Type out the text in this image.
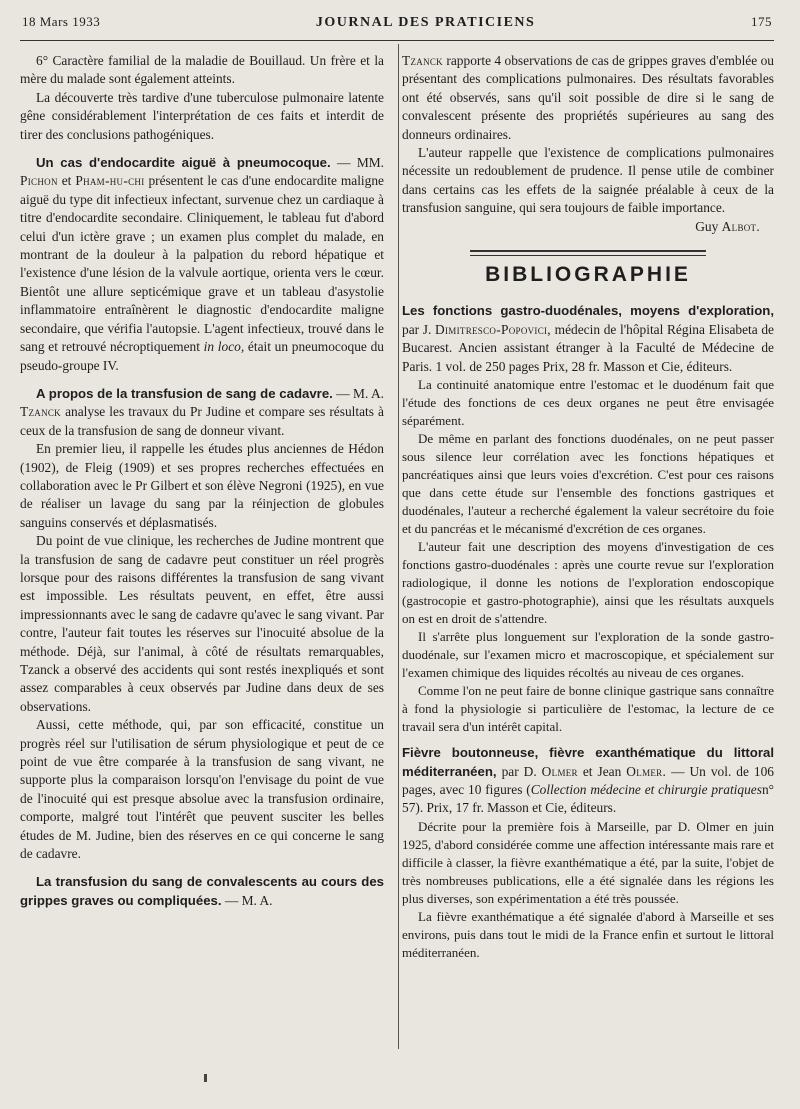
18 Mars 1933	JOURNAL DES PRATICIENS	175

6° Caractère familial de la maladie de Bouillaud. Un frère et la mère du malade sont également atteints.

La découverte très tardive d'une tuberculose pulmonaire latente gêne considérablement l'interprétation de ces faits et interdit de tirer des conclusions pathogéniques.

Un cas d'endocardite aiguë à pneumocoque. — MM. Pichon et Pham-hu-chi présentent le cas d'une endocardite maligne aiguë du type dit infectieux infectant, survenue chez un cardiaque à titre d'endocardite secondaire. Cliniquement, le tableau fut d'abord celui d'un ictère grave ; un examen plus complet du malade, en montrant de la douleur à la palpation du rebord hépatique et l'existence d'une lésion de la valvule aortique, orienta vers le cœur. Bientôt une allure septicémique grave et un tableau d'asystolie inflammatoire entraînèrent le diagnostic d'endocardite maligne secondaire, que vérifia l'autopsie. L'agent infectieux, trouvé dans le sang et retrouvé nécroptiquement in loco, était un pneumocoque du pseudo-groupe IV.

A propos de la transfusion de sang de cadavre. — M. A. Tzanck analyse les travaux du Pr Judine et compare ses résultats à ceux de la transfusion de sang de donneur vivant.

En premier lieu, il rappelle les études plus anciennes de Hédon (1902), de Fleig (1909) et ses propres recherches effectuées en collaboration avec le Pr Gilbert et son élève Negroni (1925), en vue de réaliser un lavage du sang par la réinjection de globules sanguins conservés et déplasmatisés.

Du point de vue clinique, les recherches de Judine montrent que la transfusion de sang de cadavre peut constituer un réel progrès lorsque pour des raisons différentes la transfusion de sang vivant est impossible. Les résultats peuvent, en effet, être aussi impressionnants avec le sang de cadavre qu'avec le sang vivant. Par contre, l'auteur fait toutes les réserves sur l'inocuité absolue de la méthode. Déjà, sur l'animal, à côté de résultats remarquables, Tzanck a observé des accidents qui sont restés inexpliqués et sont assez comparables à ceux observés par Judine dans deux de ses observations.

Aussi, cette méthode, qui, par son efficacité, constitue un progrès réel sur l'utilisation de sérum physiologique et peut de ce point de vue être comparée à la transfusion de sang vivant, ne supporte plus la comparaison lorsqu'on l'envisage du point de vue de l'inocuité qui est presque absolue avec la transfusion ordinaire, comporte, malgré tout l'intérêt que peuvent susciter les belles études de M. Judine, bien des réserves en ce qui concerne le sang de cadavre.

La transfusion du sang de convalescents au cours des grippes graves ou compliquées. — M. A.

Tzanck rapporte 4 observations de cas de grippes graves d'emblée ou présentant des complications pulmonaires. Des résultats favorables ont été observés, sans qu'il soit possible de dire si le sang de convalescent présente des propriétés supérieures au sang des donneurs ordinaires.

L'auteur rappelle que l'existence de complications pulmonaires nécessite un redoublement de prudence. Il pense utile de combiner dans certains cas les effets de la saignée préalable à ceux de la transfusion sanguine, qui sera toujours de faible importance.

Guy Albot.

BIBLIOGRAPHIE

Les fonctions gastro-duodénales, moyens d'exploration, par J. Dimitresco-Popovici, médecin de l'hôpital Régina Elisabeta de Bucarest. Ancien assistant étranger à la Faculté de Médecine de Paris. 1 vol. de 250 pages Prix, 28 fr. Masson et Cie, éditeurs.

La continuité anatomique entre l'estomac et le duodénum fait que l'étude des fonctions de ces deux organes ne peut être envisagée séparément.

De même en parlant des fonctions duodénales, on ne peut passer sous silence leur corrélation avec les fonctions hépatiques et pancréatiques ainsi que leurs voies d'excrétion. C'est pour ces raisons que dans cette étude sur l'ensemble des fonctions gastriques et duodénales, l'auteur a recherché également la valeur secrétoire du foie et du pancréas et le mécanismé d'excrétion de ces organes.

L'auteur fait une description des moyens d'investigation de ces fonctions gastro-duodénales : après une courte revue sur l'exploration radiologique, il donne les notions de l'exploration endoscopique (gastrocopie et gastro-photographie), ainsi que les résultats auxquels on est en droit de s'attendre.

Il s'arrête plus longuement sur l'exploration de la sonde gastro-duodénale, sur l'examen micro et macroscopique, et spécialement sur l'examen chimique des liquides récoltés au niveau de ces organes.

Comme l'on ne peut faire de bonne clinique gastrique sans connaître à fond la physiologie si particulière de l'estomac, la lecture de ce travail sera d'un intérêt capital.

Fièvre boutonneuse, fièvre exanthématique du littoral méditerranéen, par D. Olmer et Jean Olmer. — Un vol. de 106 pages, avec 10 figures (Collection médecine et chirurgie pratiquesn° 57). Prix, 17 fr. Masson et Cie, éditeurs.

Décrite pour la première fois à Marseille, par D. Olmer en juin 1925, d'abord considérée comme une affection intéressante mais rare et difficile à classer, la fièvre exanthématique a été, par la suite, l'objet de très nombreuses publications, elle a été signalée dans les régions les plus diverses, son expérimentation a été très poussée.

La fièvre exanthématique a été signalée d'abord à Marseille et ses environs, puis dans tout le midi de la France enfin et surtout le littoral méditerranéen.
